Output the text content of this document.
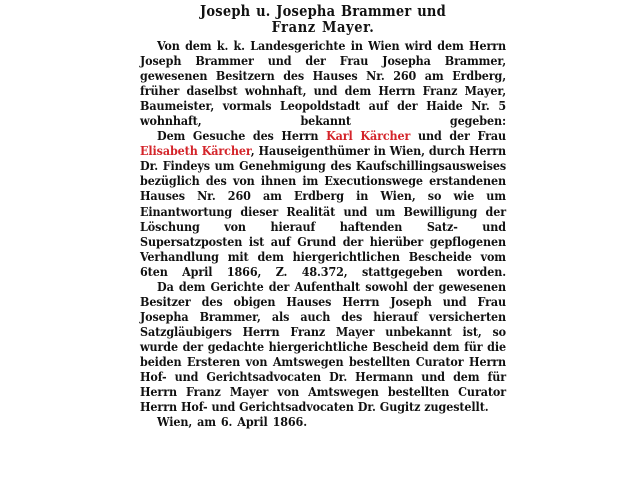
Joseph u. Josepha Brammer und
Franz Mayer.

Von dem k. k. Landesgerichte in Wien wird dem Herrn Joseph Brammer und der Frau Josepha Brammer, gewesenen Besitzern des Hauses Nr. 260 am Erdberg, früher daselbst wohnhaft, und dem Herrn Franz Mayer, Baumeister, vormals Leopoldstadt auf der Haide Nr. 5 wohnhaft, bekannt gegeben:

Dem Gesuche des Herrn Karl Kärcher und der Frau Elisabeth Kärcher, Hauseigenthümer in Wien, durch Herrn Dr. Findeys um Genehmigung des Kaufschillingsausweises bezüglich des von ihnen im Executionswege erstandenen Hauses Nr. 260 am Erdberg in Wien, so wie um Einantwortung dieser Realität und um Bewilligung der Löschung von hierauf haftenden Satz- und Supersatzposten ist auf Grund der hierüber gepflogenen Verhandlung mit dem hiergerichtlichen Bescheide vom 6ten April 1866, Z. 48.372, stattgegeben worden.

Da dem Gerichte der Aufenthalt sowohl der gewesenen Besitzer des obigen Hauses Herrn Joseph und Frau Josepha Brammer, als auch des hierauf versicherten Satzgläubigers Herrn Franz Mayer unbekannt ist, so wurde der gedachte hiergerichtliche Bescheid dem für die beiden Ersteren von Amtswegen bestellten Curator Herrn Hof- und Gerichtsadvocaten Dr. Hermann und dem für Herrn Franz Mayer von Amtswegen bestellten Curator Herrn Hof- und Gerichtsadvocaten Dr. Gugitz zugestellt.

Wien, am 6. April 1866.
